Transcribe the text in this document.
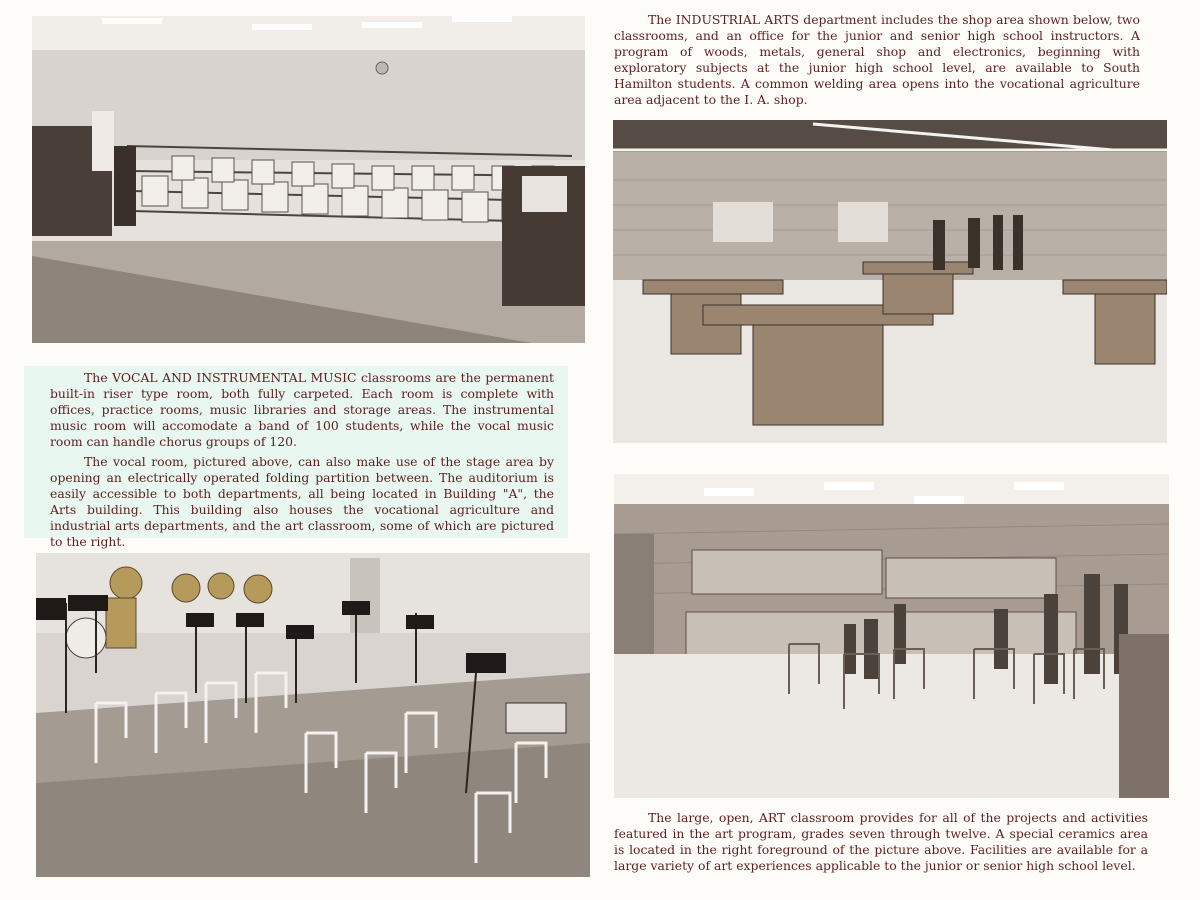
The VOCAL AND INSTRUMENTAL MUSIC classrooms are the permanent built-in riser type room, both fully carpeted. Each room is complete with offices, practice rooms, music libraries and storage areas. The instrumental music room will accomodate a band of 100 students, while the vocal music room can handle chorus groups of 120.

The vocal room, pictured above, can also make use of the stage area by opening an electrically operated folding partition between. The auditorium is easily accessible to both departments, all being located in Building "A", the Arts building. This building also houses the vocational agriculture and industrial arts departments, and the art classroom, some of which are pictured to the right.

The INDUSTRIAL ARTS department includes the shop area shown below, two classrooms, and an office for the junior and senior high school instructors. A program of woods, metals, general shop and electronics, beginning with exploratory subjects at the junior high school level, are available to South Hamilton students. A common welding area opens into the vocational agriculture area adjacent to the I. A. shop.

The large, open, ART classroom provides for all of the projects and activities featured in the art program, grades seven through twelve. A special ceramics area is located in the right foreground of the picture above. Facilities are available for a large variety of art experiences applicable to the junior or senior high school level.
